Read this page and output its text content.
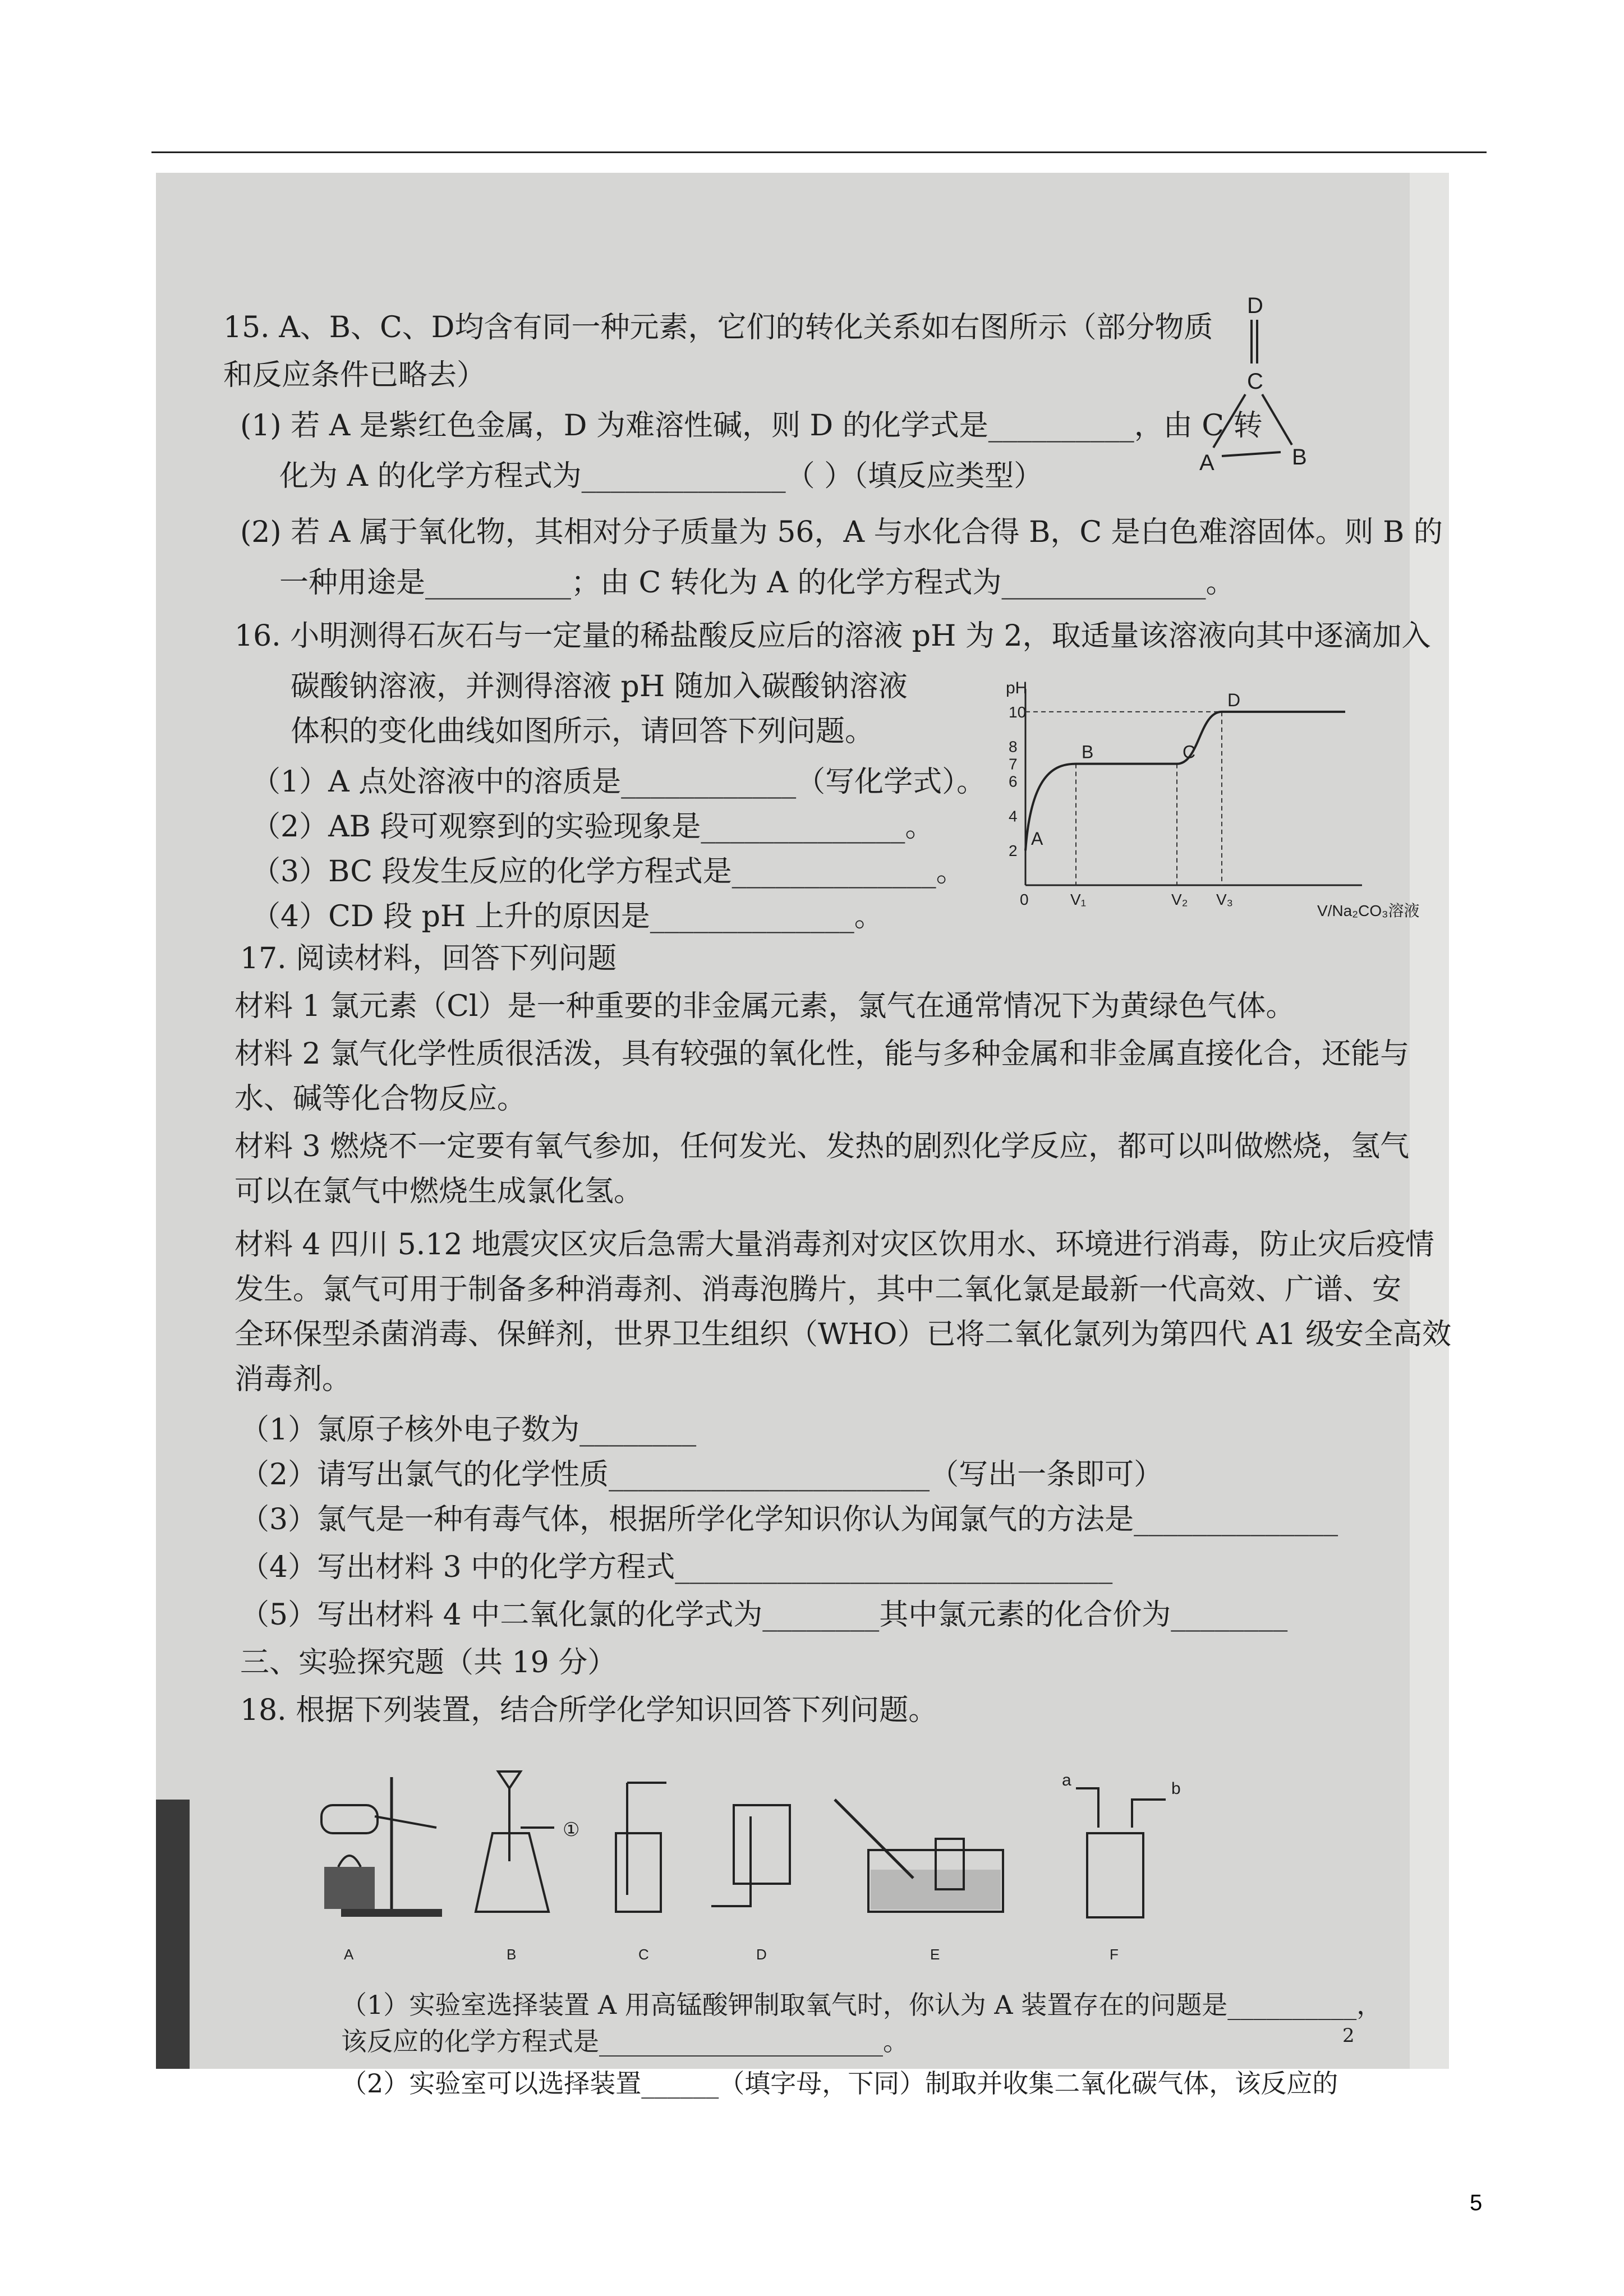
15. A、B、C、D均含有同一种元素，它们的转化关系如右图所示（部分物质
和反应条件已略去）
(1) 若 A 是紫红色金属，D 为难溶性碱，则 D 的化学式是__________，由 C 转
化为 A 的化学方程式为______________（ ）（填反应类型）
(2) 若 A 属于氧化物，其相对分子质量为 56，A 与水化合得 B，C 是白色难溶固体。则 B 的
一种用途是__________；由 C 转化为 A 的化学方程式为______________。
D
C
A	B
16. 小明测得石灰石与一定量的稀盐酸反应后的溶液 pH 为 2，取适量该溶液向其中逐滴加入
碳酸钠溶液，并测得溶液 pH 随加入碳酸钠溶液
体积的变化曲线如图所示，请回答下列问题。
（1）A 点处溶液中的溶质是____________（写化学式）。
（2）AB 段可观察到的实验现象是______________。
（3）BC 段发生反应的化学方程式是______________。
（4）CD 段 pH 上升的原因是______________。
pH
V/Na₂CO₃溶液
2
4
6
7
8
10
0	V₁	V₂ V₃
A
B	C
D
17. 阅读材料，回答下列问题
材料 1 氯元素（Cl）是一种重要的非金属元素，氯气在通常情况下为黄绿色气体。
材料 2 氯气化学性质很活泼，具有较强的氧化性，能与多种金属和非金属直接化合，还能与
水、碱等化合物反应。
材料 3 燃烧不一定要有氧气参加，任何发光、发热的剧烈化学反应，都可以叫做燃烧，氢气
可以在氯气中燃烧生成氯化氢。
材料 4 四川 5.12 地震灾区灾后急需大量消毒剂对灾区饮用水、环境进行消毒，防止灾后疫情
发生。氯气可用于制备多种消毒剂、消毒泡腾片，其中二氧化氯是最新一代高效、广谱、安
全环保型杀菌消毒、保鲜剂，世界卫生组织（WHO）已将二氧化氯列为第四代 A1 级安全高效
消毒剂。
（1）氯原子核外电子数为________
（2）请写出氯气的化学性质______________________（写出一条即可）
（3）氯气是一种有毒气体，根据所学化学知识你认为闻氯气的方法是______________
（4）写出材料 3 中的化学方程式______________________________
（5）写出材料 4 中二氧化氯的化学式为________其中氯元素的化合价为________
三、实验探究题（共 19 分）
18. 根据下列装置，结合所学化学知识回答下列问题。
A
①
B	C	D	E
a	b
F
（1）实验室选择装置 A 用高锰酸钾制取氧气时，你认为 A 装置存在的问题是__________，
该反应的化学方程式是______________________。
（2）实验室可以选择装置______（填字母，下同）制取并收集二氧化碳气体，该反应的
2
5
